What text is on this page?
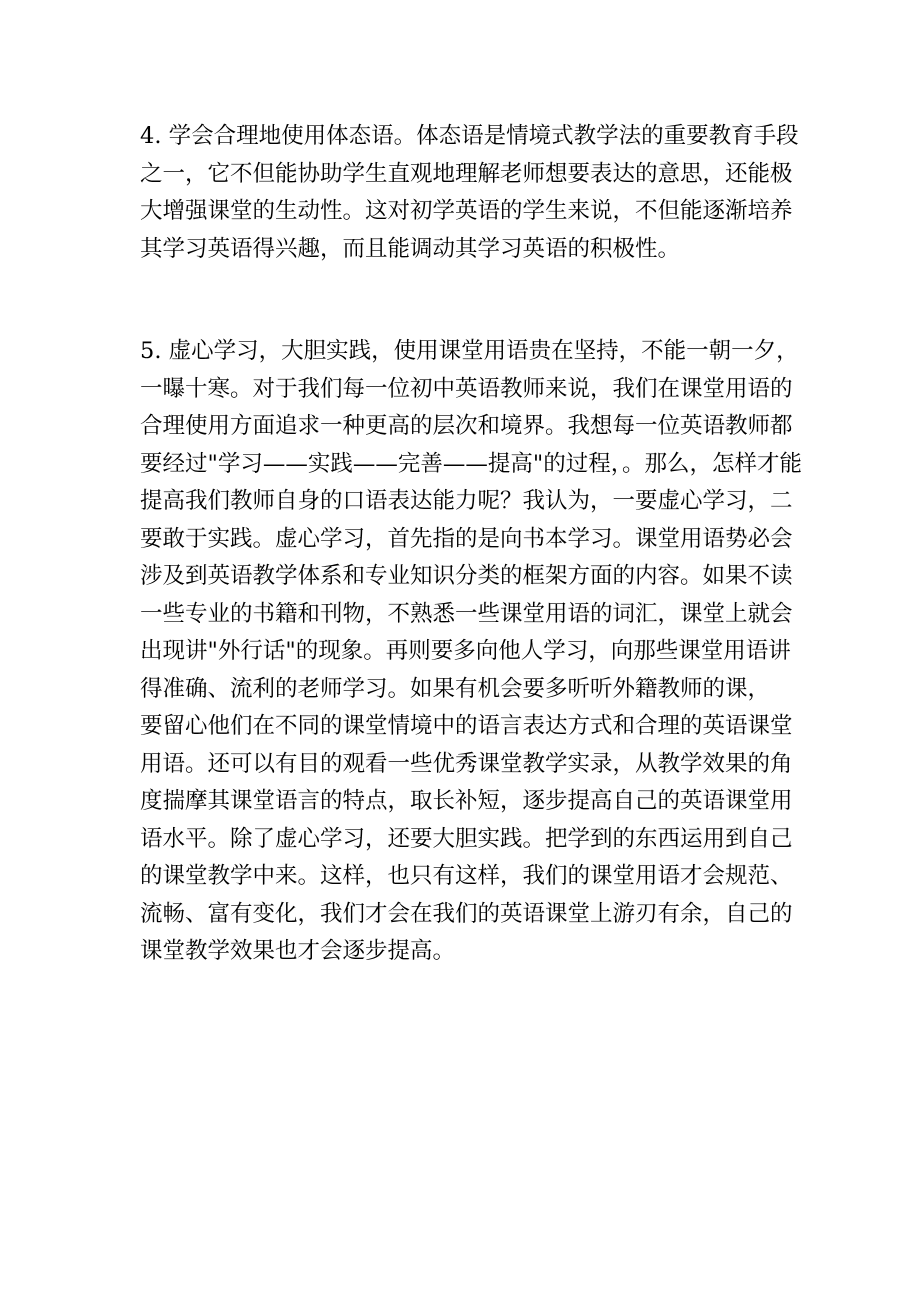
4. 学会合理地使用体态语。体态语是情境式教学法的重要教育手段
之一，它不但能协助学生直观地理解老师想要表达的意思，还能极
大增强课堂的生动性。这对初学英语的学生来说，不但能逐渐培养
其学习英语得兴趣，而且能调动其学习英语的积极性。

5. 虚心学习，大胆实践，使用课堂用语贵在坚持，不能一朝一夕，
一曝十寒。对于我们每一位初中英语教师来说，我们在课堂用语的
合理使用方面追求一种更高的层次和境界。我想每一位英语教师都
要经过"学习——实践——完善——提高"的过程，。那么，怎样才能
提高我们教师自身的口语表达能力呢？我认为，一要虚心学习，二
要敢于实践。虚心学习，首先指的是向书本学习。课堂用语势必会
涉及到英语教学体系和专业知识分类的框架方面的内容。如果不读
一些专业的书籍和刊物，不熟悉一些课堂用语的词汇，课堂上就会
出现讲"外行话"的现象。再则要多向他人学习，向那些课堂用语讲
得准确、流利的老师学习。如果有机会要多听听外籍教师的课，
要留心他们在不同的课堂情境中的语言表达方式和合理的英语课堂
用语。还可以有目的观看一些优秀课堂教学实录，从教学效果的角
度揣摩其课堂语言的特点，取长补短，逐步提高自己的英语课堂用
语水平。除了虚心学习，还要大胆实践。把学到的东西运用到自己
的课堂教学中来。这样，也只有这样，我们的课堂用语才会规范、
流畅、富有变化，我们才会在我们的英语课堂上游刃有余，自己的
课堂教学效果也才会逐步提高。
